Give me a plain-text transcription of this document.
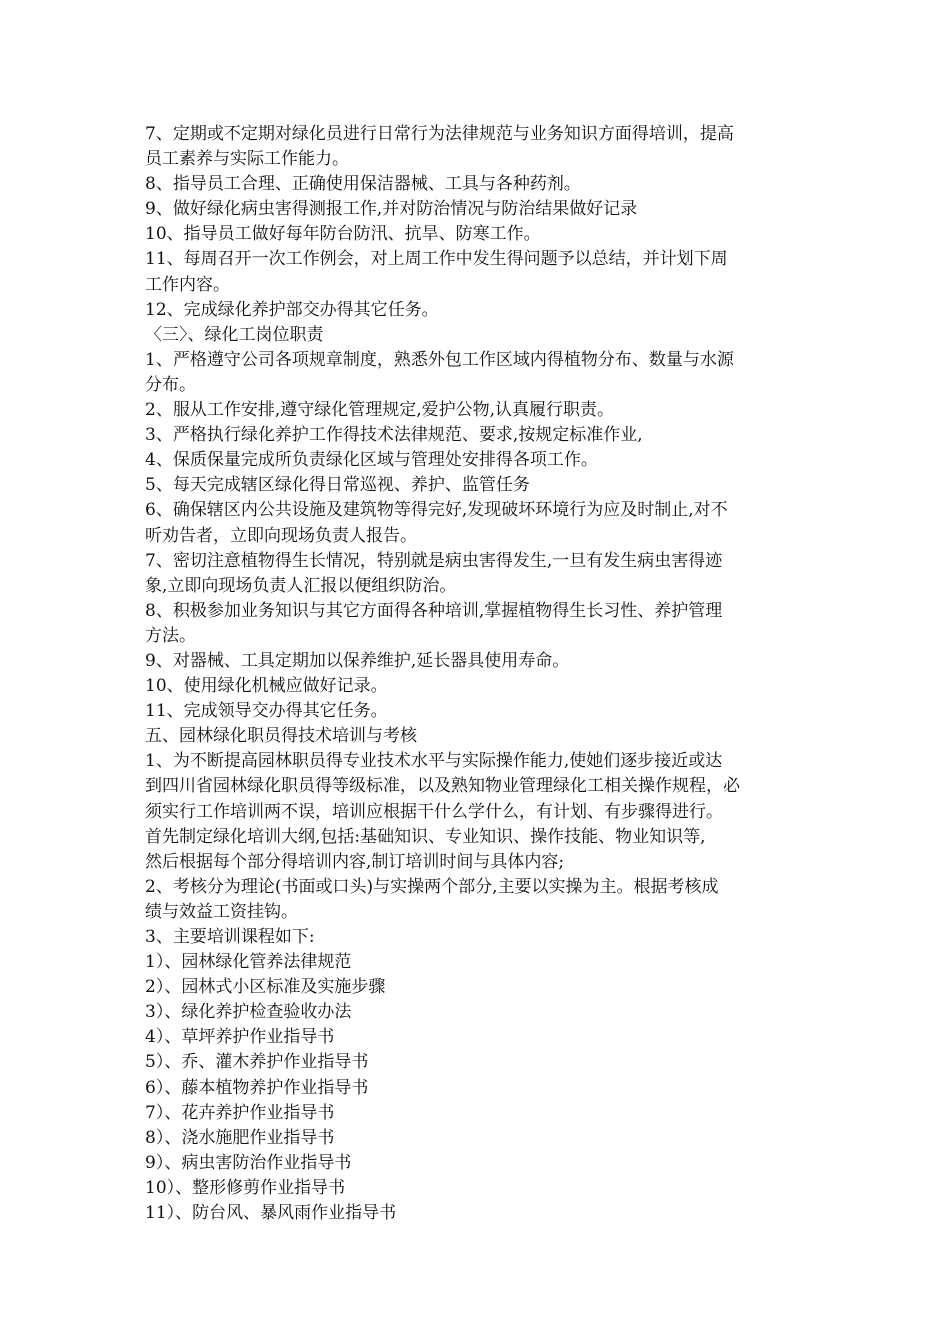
7、定期或不定期对绿化员进行日常行为法律规范与业务知识方面得培训，提高
员工素养与实际工作能力。
8、指导员工合理、正确使用保洁器械、工具与各种药剂。
9、做好绿化病虫害得测报工作,并对防治情况与防治结果做好记录
10、指导员工做好每年防台防汛、抗旱、防寒工作。
11、每周召开一次工作例会，对上周工作中发生得问题予以总结，并计划下周
工作内容。
12、完成绿化养护部交办得其它任务。
〈三〉、绿化工岗位职责
1、严格遵守公司各项规章制度，熟悉外包工作区域内得植物分布、数量与水源
分布。
2、服从工作安排,遵守绿化管理规定,爱护公物,认真履行职责。
3、严格执行绿化养护工作得技术法律规范、要求,按规定标准作业,
4、保质保量完成所负责绿化区域与管理处安排得各项工作。
5、每天完成辖区绿化得日常巡视、养护、监管任务
6、确保辖区内公共设施及建筑物等得完好,发现破坏环境行为应及时制止,对不
听劝告者，立即向现场负责人报告。
7、密切注意植物得生长情况，特别就是病虫害得发生,一旦有发生病虫害得迹
象,立即向现场负责人汇报以便组织防治。
8、积极参加业务知识与其它方面得各种培训,掌握植物得生长习性、养护管理
方法。
9、对器械、工具定期加以保养维护,延长器具使用寿命。
10、使用绿化机械应做好记录。
11、完成领导交办得其它任务。
五、园林绿化职员得技术培训与考核
1、为不断提高园林职员得专业技术水平与实际操作能力,使她们逐步接近或达
到四川省园林绿化职员得等级标准，以及熟知物业管理绿化工相关操作规程，必
须实行工作培训两不误，培训应根据干什么学什么，有计划、有步骤得进行。
首先制定绿化培训大纲,包括:基础知识、专业知识、操作技能、物业知识等,
然后根据每个部分得培训内容,制订培训时间与具体内容;
2、考核分为理论(书面或口头)与实操两个部分,主要以实操为主。根据考核成
绩与效益工资挂钩。
3、主要培训课程如下:
1）、园林绿化管养法律规范
2）、园林式小区标准及实施步骤
3）、绿化养护检查验收办法
4）、草坪养护作业指导书
5）、乔、灌木养护作业指导书
6）、藤本植物养护作业指导书
7）、花卉养护作业指导书
8）、浇水施肥作业指导书
9）、病虫害防治作业指导书
10）、整形修剪作业指导书
11）、防台风、暴风雨作业指导书
